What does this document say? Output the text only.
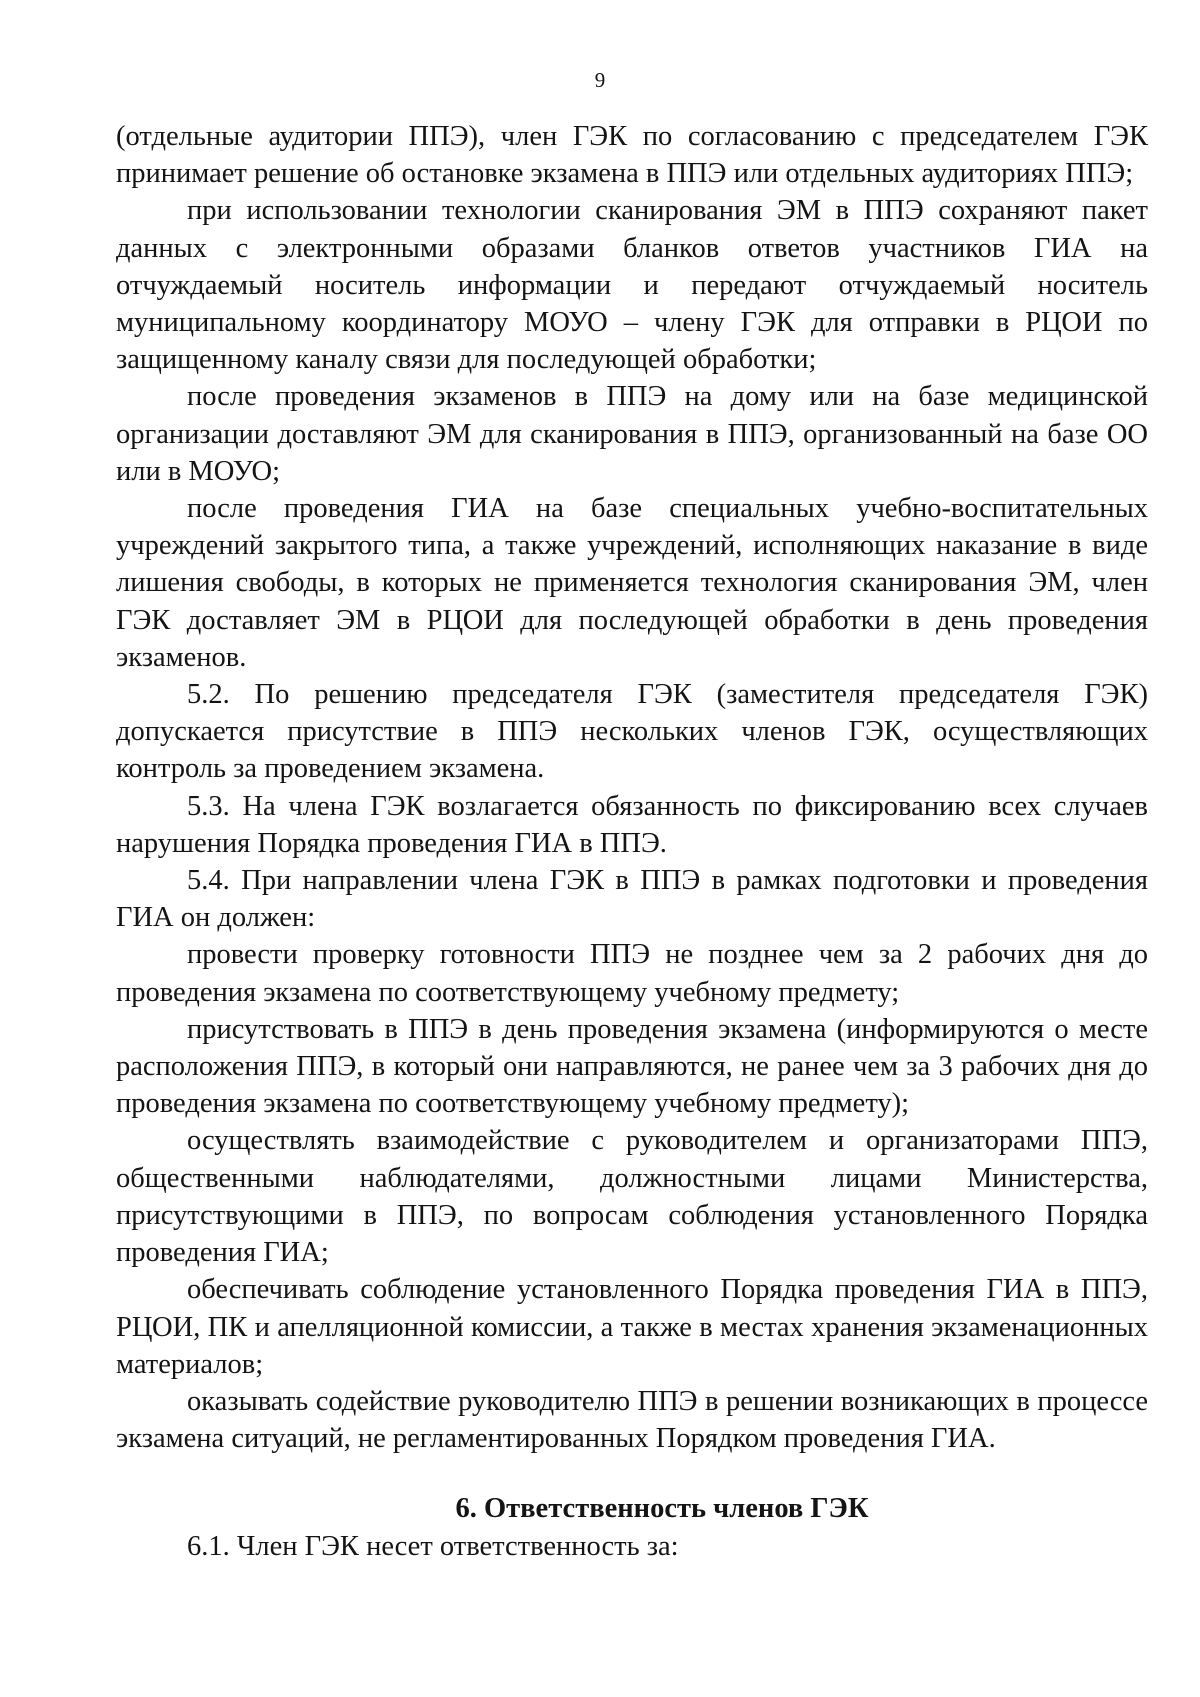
9

(отдельные аудитории ППЭ), член ГЭК по согласованию с председателем ГЭК принимает решение об остановке экзамена в ППЭ или отдельных аудиториях ППЭ;

при использовании технологии сканирования ЭМ в ППЭ сохраняют пакет данных с электронными образами бланков ответов участников ГИА на отчуждаемый носитель информации и передают отчуждаемый носитель муниципальному координатору МОУО – члену ГЭК для отправки в РЦОИ по защищенному каналу связи для последующей обработки;

после проведения экзаменов в ППЭ на дому или на базе медицинской организации доставляют ЭМ для сканирования в ППЭ, организованный на базе ОО или в МОУО;

после проведения ГИА на базе специальных учебно-воспитательных учреждений закрытого типа, а также учреждений, исполняющих наказание в виде лишения свободы, в которых не применяется технология сканирования ЭМ, член ГЭК доставляет ЭМ в РЦОИ для последующей обработки в день проведения экзаменов.

5.2. По решению председателя ГЭК (заместителя председателя ГЭК) допускается присутствие в ППЭ нескольких членов ГЭК, осуществляющих контроль за проведением экзамена.

5.3. На члена ГЭК возлагается обязанность по фиксированию всех случаев нарушения Порядка проведения ГИА в ППЭ.

5.4. При направлении члена ГЭК в ППЭ в рамках подготовки и проведения ГИА он должен:

провести проверку готовности ППЭ не позднее чем за 2 рабочих дня до проведения экзамена по соответствующему учебному предмету;

присутствовать в ППЭ в день проведения экзамена (информируются о месте расположения ППЭ, в который они направляются, не ранее чем за 3 рабочих дня до проведения экзамена по соответствующему учебному предмету);

осуществлять взаимодействие с руководителем и организаторами ППЭ, общественными наблюдателями, должностными лицами Министерства, присутствующими в ППЭ, по вопросам соблюдения установленного Порядка проведения ГИА;

обеспечивать соблюдение установленного Порядка проведения ГИА в ППЭ, РЦОИ, ПК и апелляционной комиссии, а также в местах хранения экзаменационных материалов;

оказывать содействие руководителю ППЭ в решении возникающих в процессе экзамена ситуаций, не регламентированных Порядком проведения ГИА.

6. Ответственность членов ГЭК

6.1. Член ГЭК несет ответственность за:
